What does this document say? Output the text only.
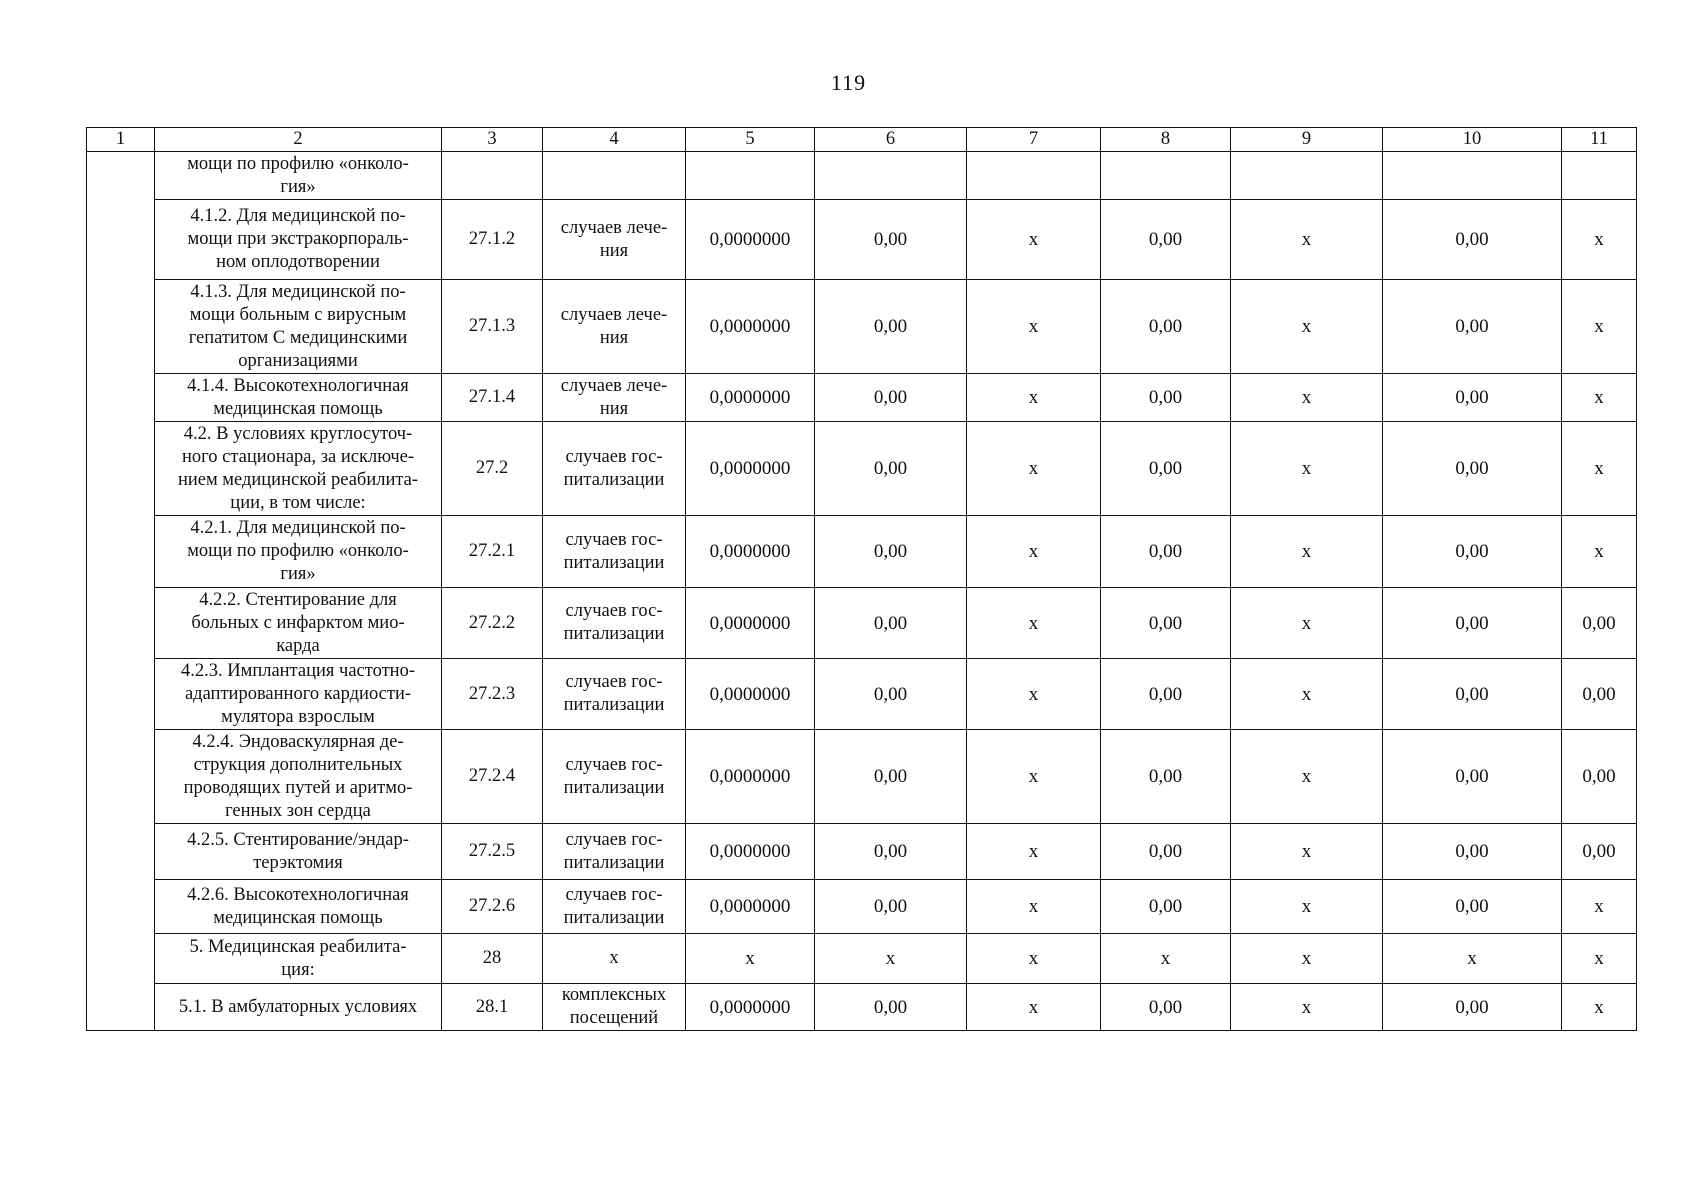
119
1	2	3	4	5	6	7	8	9	10	11
	мощи по профилю «онколо-
гия»									
	4.1.2. Для медицинской по-
мощи при экстракорпораль-
ном оплодотворении	27.1.2	случаев лече-
ния	0,0000000	0,00	х	0,00	х	0,00	х
	4.1.3. Для медицинской по-
мощи больным с вирусным
гепатитом С медицинскими
организациями	27.1.3	случаев лече-
ния	0,0000000	0,00	х	0,00	х	0,00	х
	4.1.4. Высокотехнологичная
медицинская помощь	27.1.4	случаев лече-
ния	0,0000000	0,00	х	0,00	х	0,00	х
	4.2. В условиях круглосуточ-
ного стационара, за исключе-
нием медицинской реабилита-
ции, в том числе:	27.2	случаев гос-
питализации	0,0000000	0,00	х	0,00	х	0,00	х
	4.2.1. Для медицинской по-
мощи по профилю «онколо-
гия»	27.2.1	случаев гос-
питализации	0,0000000	0,00	х	0,00	х	0,00	х
	4.2.2. Стентирование для
больных с инфарктом мио-
карда	27.2.2	случаев гос-
питализации	0,0000000	0,00	х	0,00	х	0,00	0,00
	4.2.3. Имплантация частотно-
адаптированного кардиости-
мулятора взрослым	27.2.3	случаев гос-
питализации	0,0000000	0,00	х	0,00	х	0,00	0,00
	4.2.4. Эндоваскулярная де-
струкция дополнительных
проводящих путей и аритмо-
генных зон сердца	27.2.4	случаев гос-
питализации	0,0000000	0,00	х	0,00	х	0,00	0,00
	4.2.5. Стентирование/эндар-
терэктомия	27.2.5	случаев гос-
питализации	0,0000000	0,00	х	0,00	х	0,00	0,00
	4.2.6. Высокотехнологичная
медицинская помощь	27.2.6	случаев гос-
питализации	0,0000000	0,00	х	0,00	х	0,00	х
	5. Медицинская реабилита-
ция:	28	х	х	х	х	х	х	х	х
	5.1. В амбулаторных условиях	28.1	комплексных
посещений	0,0000000	0,00	х	0,00	х	0,00	х
